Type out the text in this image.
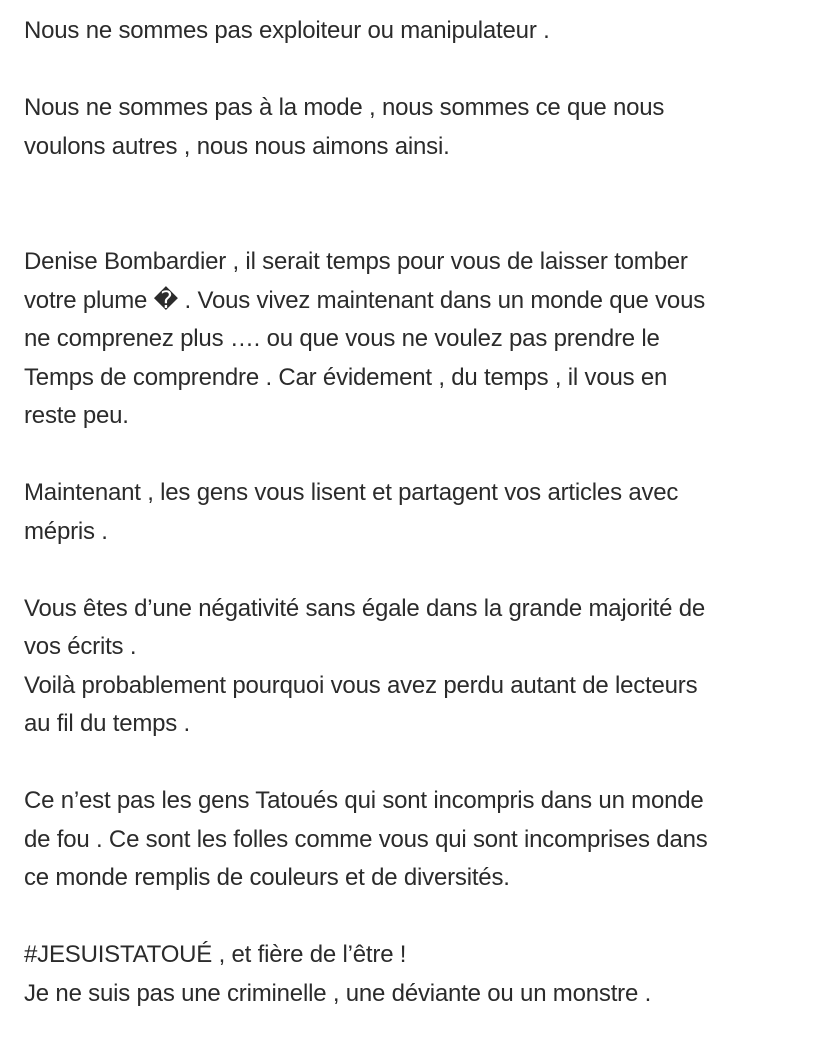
Nous ne sommes pas exploiteur ou manipulateur .

Nous ne sommes pas à la mode , nous sommes ce que nous
voulons autres , nous nous aimons ainsi.

Denise Bombardier , il serait temps pour vous de laisser tomber
votre plume � . Vous vivez maintenant dans un monde que vous
ne comprenez plus …. ou que vous ne voulez pas prendre le
Temps de comprendre . Car évidement , du temps , il vous en
reste peu.

Maintenant , les gens vous lisent et partagent vos articles avec
mépris .

Vous êtes d’une négativité sans égale dans la grande majorité de
vos écrits .
Voilà probablement pourquoi vous avez perdu autant de lecteurs
au fil du temps .

Ce n’est pas les gens Tatoués qui sont incompris dans un monde
de fou . Ce sont les folles comme vous qui sont incomprises dans
ce monde remplis de couleurs et de diversités.

#JESUISTATOUÉ , et fière de l’être !
Je ne suis pas une criminelle , une déviante ou un monstre .
